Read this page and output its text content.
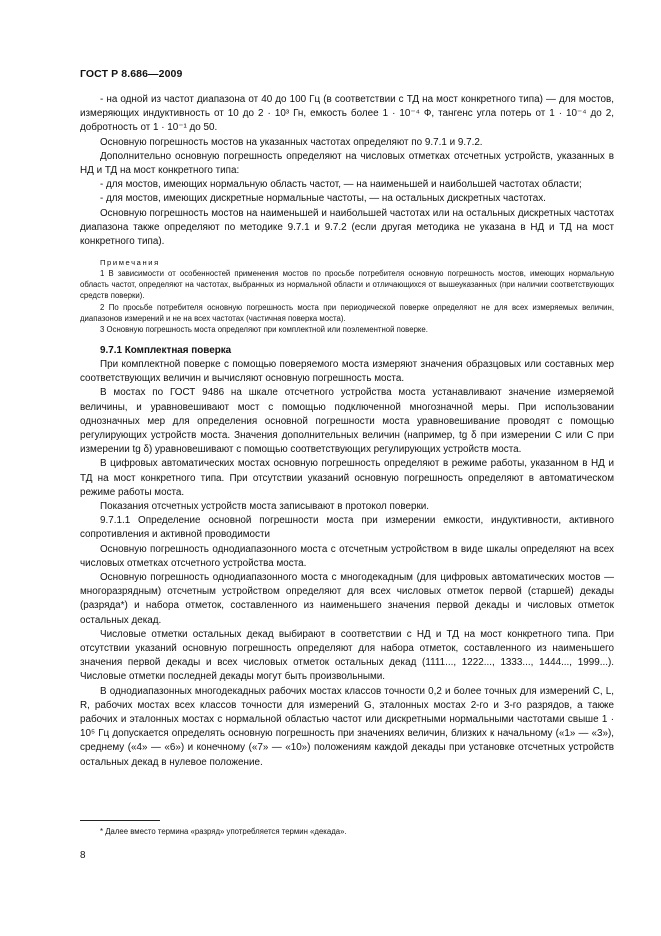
ГОСТ Р 8.686—2009

- на одной из частот диапазона от 40 до 100 Гц (в соответствии с ТД на мост конкретного типа) — для мостов, измеряющих индуктивность от 10 до 2 · 10³ Гн, емкость более 1 · 10⁻⁴ Ф, тангенс угла потерь от 1 · 10⁻⁴ до 2, добротность от 1 · 10⁻¹ до 50.

Основную погрешность мостов на указанных частотах определяют по 9.7.1 и 9.7.2.

Дополнительно основную погрешность определяют на числовых отметках отсчетных устройств, указанных в НД и ТД на мост конкретного типа:

- для мостов, имеющих нормальную область частот, — на наименьшей и наибольшей частотах области;

- для мостов, имеющих дискретные нормальные частоты, — на остальных дискретных частотах.

Основную погрешность мостов на наименьшей и наибольшей частотах или на остальных дискретных частотах диапазона также определяют по методике 9.7.1 и 9.7.2 (если другая методика не указана в НД и ТД на мост конкретного типа).

Примечания

1 В зависимости от особенностей применения мостов по просьбе потребителя основную погрешность мостов, имеющих нормальную область частот, определяют на частотах, выбранных из нормальной области и отличающихся от вышеуказанных (при наличии соответствующих средств поверки).

2 По просьбе потребителя основную погрешность моста при периодической поверке определяют не для всех измеряемых величин, диапазонов измерений и не на всех частотах (частичная поверка моста).

3 Основную погрешность моста определяют при комплектной или поэлементной поверке.

9.7.1 Комплектная поверка

При комплектной поверке с помощью поверяемого моста измеряют значения образцовых или составных мер соответствующих величин и вычисляют основную погрешность моста.

В мостах по ГОСТ 9486 на шкале отсчетного устройства моста устанавливают значение измеряемой величины, и уравновешивают мост с помощью подключенной многозначной меры. При использовании однозначных мер для определения основной погрешности моста уравновешивание проводят с помощью регулирующих устройств моста. Значения дополнительных величин (например, tg δ при измерении C или C при измерении tg δ) уравновешивают с помощью соответствующих регулирующих устройств моста.

В цифровых автоматических мостах основную погрешность определяют в режиме работы, указанном в НД и ТД на мост конкретного типа. При отсутствии указаний основную погрешность определяют в автоматическом режиме работы моста.

Показания отсчетных устройств моста записывают в протокол поверки.

9.7.1.1 Определение основной погрешности моста при измерении емкости, индуктивности, активного сопротивления и активной проводимости

Основную погрешность однодиапазонного моста с отсчетным устройством в виде шкалы определяют на всех числовых отметках отсчетного устройства моста.

Основную погрешность однодиапазонного моста с многодекадным (для цифровых автоматических мостов — многоразрядным) отсчетным устройством определяют для всех числовых отметок первой (старшей) декады (разряда*) и набора отметок, составленного из наименьшего значения первой декады и числовых отметок остальных декад.

Числовые отметки остальных декад выбирают в соответствии с НД и ТД на мост конкретного типа. При отсутствии указаний основную погрешность определяют для набора отметок, составленного из наименьшего значения первой декады и всех числовых отметок остальных декад (1111..., 1222..., 1333..., 1444..., 1999...). Числовые отметки последней декады могут быть произвольными.

В однодиапазонных многодекадных рабочих мостах классов точности 0,2 и более точных для измерений C, L, R, рабочих мостах всех классов точности для измерений G, эталонных мостах 2-го и 3-го разрядов, а также рабочих и эталонных мостах с нормальной областью частот или дискретными нормальными частотами свыше 1 · 10⁵ Гц допускается определять основную погрешность при значениях величин, близких к начальному («1» — «3»), среднему («4» — «6») и конечному («7» — «10») положениям каждой декады при установке отсчетных устройств остальных декад в нулевое положение.

* Далее вместо термина «разряд» употребляется термин «декада».
8
